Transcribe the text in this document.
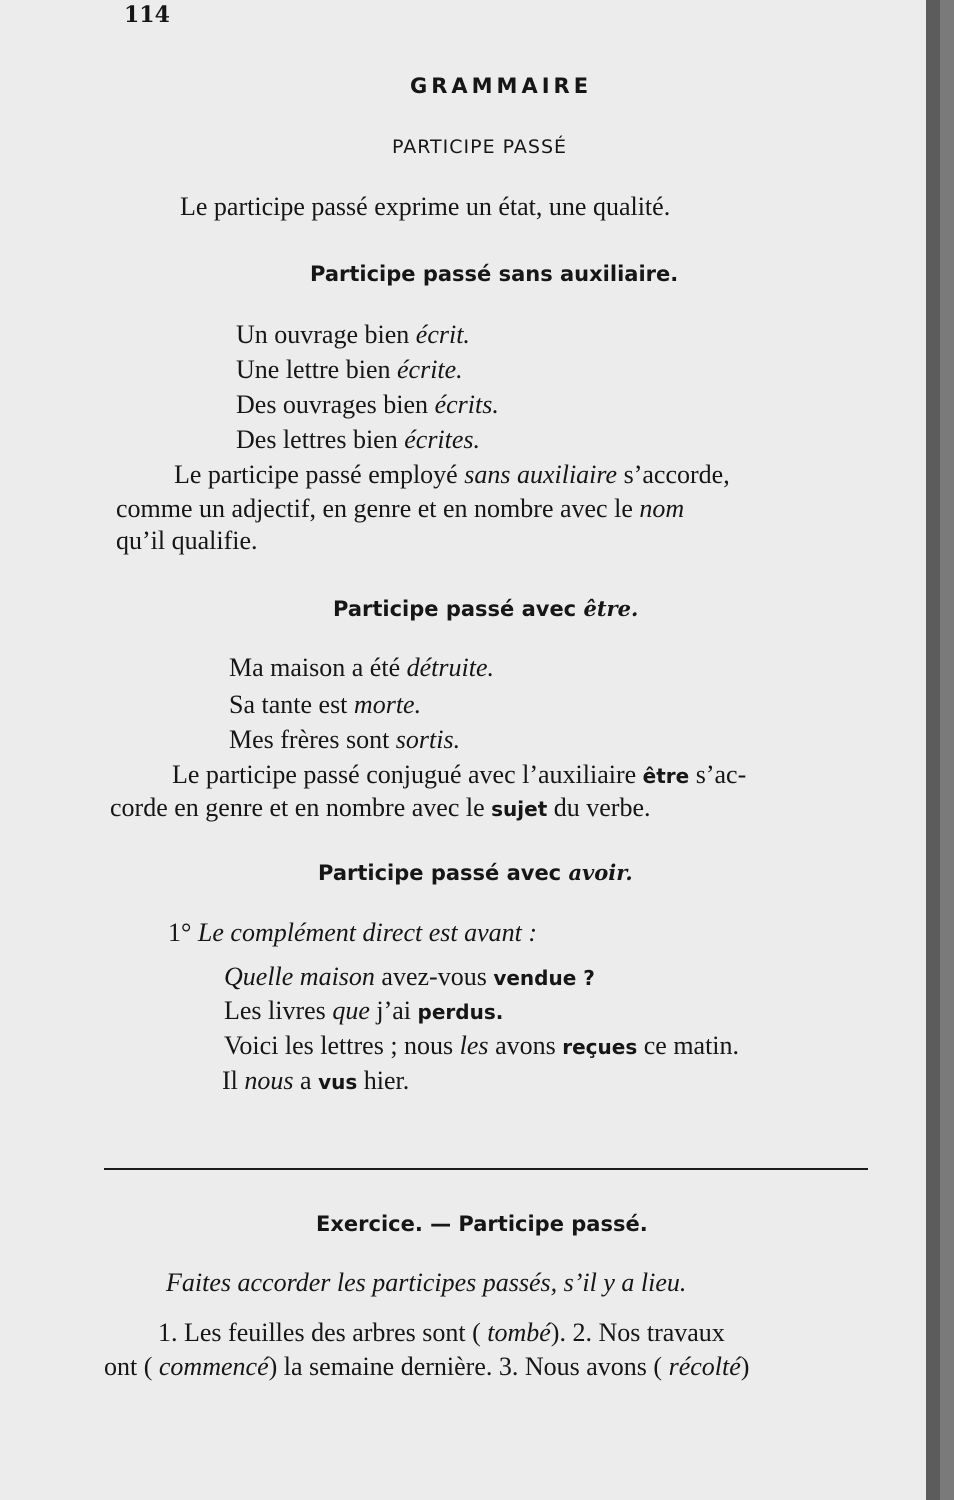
114
GRAMMAIRE
PARTICIPE PASSÉ
Le participe passé exprime un état, une qualité.
Participe passé sans auxiliaire.
Un ouvrage bien écrit.
Une lettre bien écrite.
Des ouvrages bien écrits.
Des lettres bien écrites.
Le participe passé employé sans auxiliaire s’accorde,
comme un adjectif, en genre et en nombre avec le nom
qu’il qualifie.
Participe passé avec être.
Ma maison a été détruite.
Sa tante est morte.
Mes frères sont sortis.
Le participe passé conjugué avec l’auxiliaire être s’ac-
corde en genre et en nombre avec le sujet du verbe.
Participe passé avec avoir.
1° Le complément direct est avant :
Quelle maison avez-vous vendue ?
Les livres que j’ai perdus.
Voici les lettres ; nous les avons reçues ce matin.
Il nous a vus hier.
Exercice. — Participe passé.
Faites accorder les participes passés, s’il y a lieu.
1. Les feuilles des arbres sont ( tombé). 2. Nos travaux
ont ( commencé) la semaine dernière. 3. Nous avons ( récolté)
